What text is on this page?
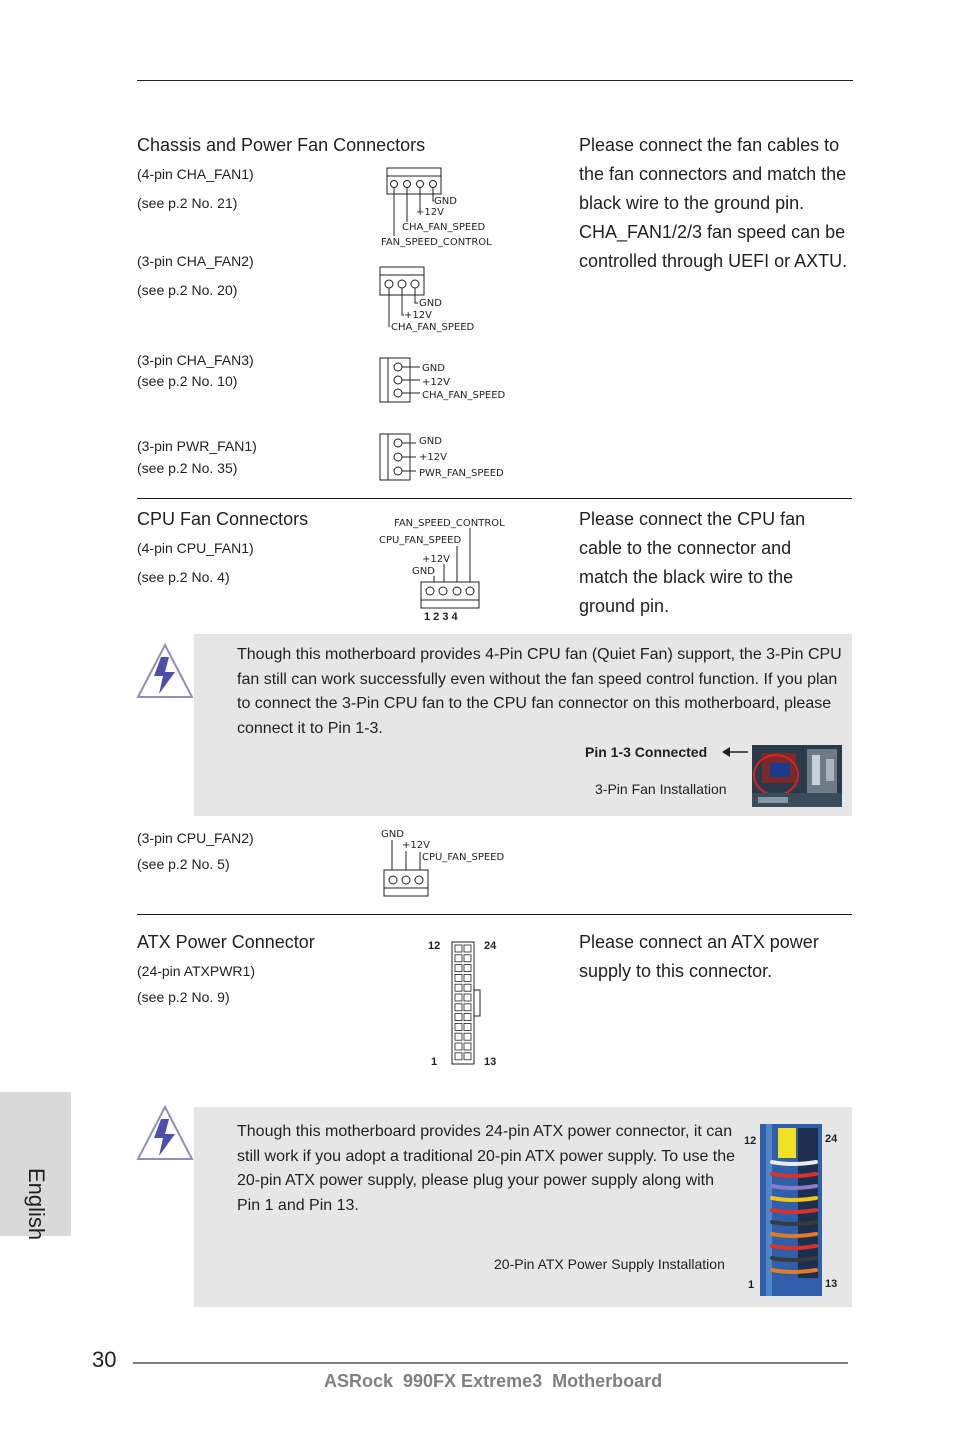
Chassis and Power Fan Connectors	Please connect the fan cables to the fan connectors and match the black wire to the ground pin. CHA_FAN1/2/3 fan speed can be controlled through UEFI or AXTU.
(4-pin CHA_FAN1)
(see p.2 No. 21)
(3-pin CHA_FAN2)
(see p.2 No. 20)
(3-pin CHA_FAN3)
(see p.2 No. 10)
(3-pin PWR_FAN1)
(see p.2 No. 35)
GND
+12V
CHA_FAN_SPEED
FAN_SPEED_CONTROL
GND
+12V
CHA_FAN_SPEED
GND
+12V
CHA_FAN_SPEED
GND
+12V
PWR_FAN_SPEED
CPU Fan Connectors	Please connect the CPU fan cable to the connector and match the black wire to the ground pin.
(4-pin CPU_FAN1)
(see p.2 No. 4)
FAN_SPEED_CONTROL
CPU_FAN_SPEED
+12V
GND
1 2 3 4
Though this motherboard provides 4-Pin CPU fan (Quiet Fan) support, the 3-Pin CPU fan still can work successfully even without the fan speed control function. If you plan to connect the 3-Pin CPU fan to the CPU fan connector on this motherboard, please connect it to Pin 1-3.
Pin 1-3 Connected
3-Pin Fan Installation
(3-pin CPU_FAN2)
(see p.2 No. 5)
GND
+12V
CPU_FAN_SPEED
ATX Power Connector	Please connect an ATX power supply to this connector.
(24-pin ATXPWR1)
(see p.2 No. 9)
12	24
1	13
Though this motherboard provides 24-pin ATX power connector, it can still work if you adopt a traditional 20-pin ATX power supply. To use the 20-pin ATX power supply, please plug your power supply along with Pin 1 and Pin 13.
20-Pin ATX Power Supply Installation
12	24
1	13
30
ASRock  990FX Extreme3  Motherboard
